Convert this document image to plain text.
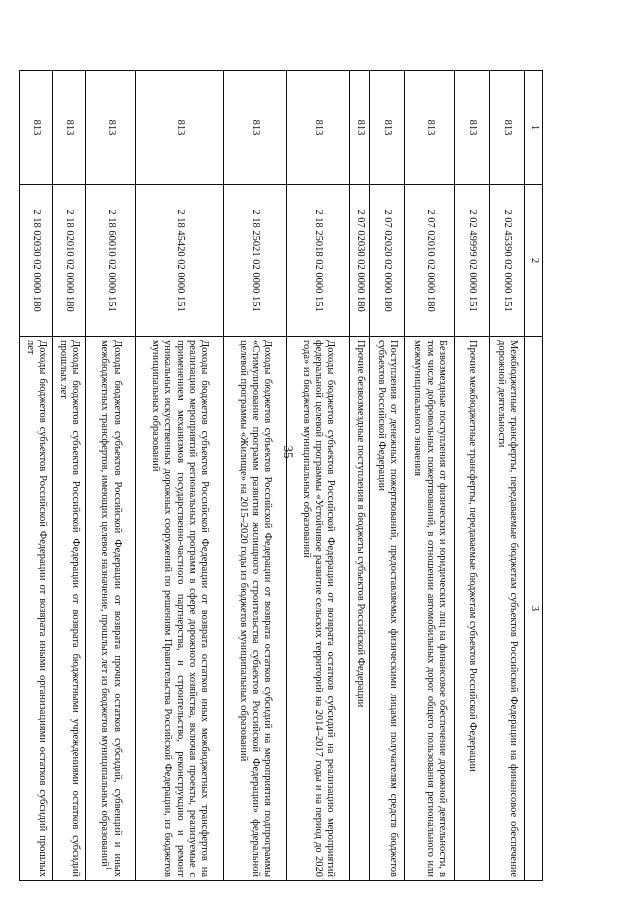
35
1	2	3
813	2 02 45390 02 0000 151	Межбюджетные трансферты, передаваемые бюджетам субъектов Российской Федерации на финансовое обеспечение дорожной деятельности
813	2 02 49999 02 0000 151	Прочие межбюджетные трансферты, передаваемые бюджетам субъектов Российской Федерации
813	2 07 02010 02 0000 180	Безвозмездные поступления от физических и юридических лиц на финансовое обеспечение дорожной деятельности, в том числе добровольных пожертвований, в отношении автомобильных дорог общего пользования регионального или межмуниципального значения
813	2 07 02020 02 0000 180	Поступления от денежных пожертвований, предоставляемых физическими лицами получателям средств бюджетов субъектов Российской Федерации
813	2 07 02030 02 0000 180	Прочие безвозмездные поступления в бюджеты субъектов Российской Федерации
813	2 18 25018 02 0000 151	Доходы бюджетов субъектов Российской Федерации от возврата остатков субсидий на реализацию мероприятий федеральной целевой программы «Устойчивое развитие сельских территорий на 2014–2017 годы и на период до 2020 года» из бюджетов муниципальных образований
813	2 18 25021 02 0000 151	Доходы бюджетов субъектов Российской Федерации от возврата остатков субсидий на мероприятия подпрограммы «Стимулирование программ развития жилищного строительства субъектов Российской Федерации» федеральной целевой программы «Жилище» на 2015–2020 годы из бюджетов муниципальных образований
813	2 18 45420 02 0000 151	Доходы бюджетов субъектов Российской Федерации от возврата остатков иных межбюджетных трансфертов на реализацию мероприятий региональных программ в сфере дорожного хозяйства, включая проекты, реализуемые с применением механизмов государственно-частного партнерства, и строительство, реконструкцию и ремонт уникальных искусственных дорожных сооружений по решениям Правительства Российской Федерации, из бюджетов муниципальных образований
813	2 18 60010 02 0000 151	Доходы бюджетов субъектов Российской Федерации от возврата прочих остатков субсидий, субвенций и иных межбюджетных трансфертов, имеющих целевое назначение, прошлых лет из бюджетов муниципальных образований$^1$
813	2 18 02010 02 0000 180	Доходы бюджетов субъектов Российской Федерации от возврата бюджетными учреждениями остатков субсидий прошлых лет
813	2 18 02030 02 0000 180	Доходы бюджетов субъектов Российской Федерации от возврата иными организациями остатков субсидий прошлых лет
